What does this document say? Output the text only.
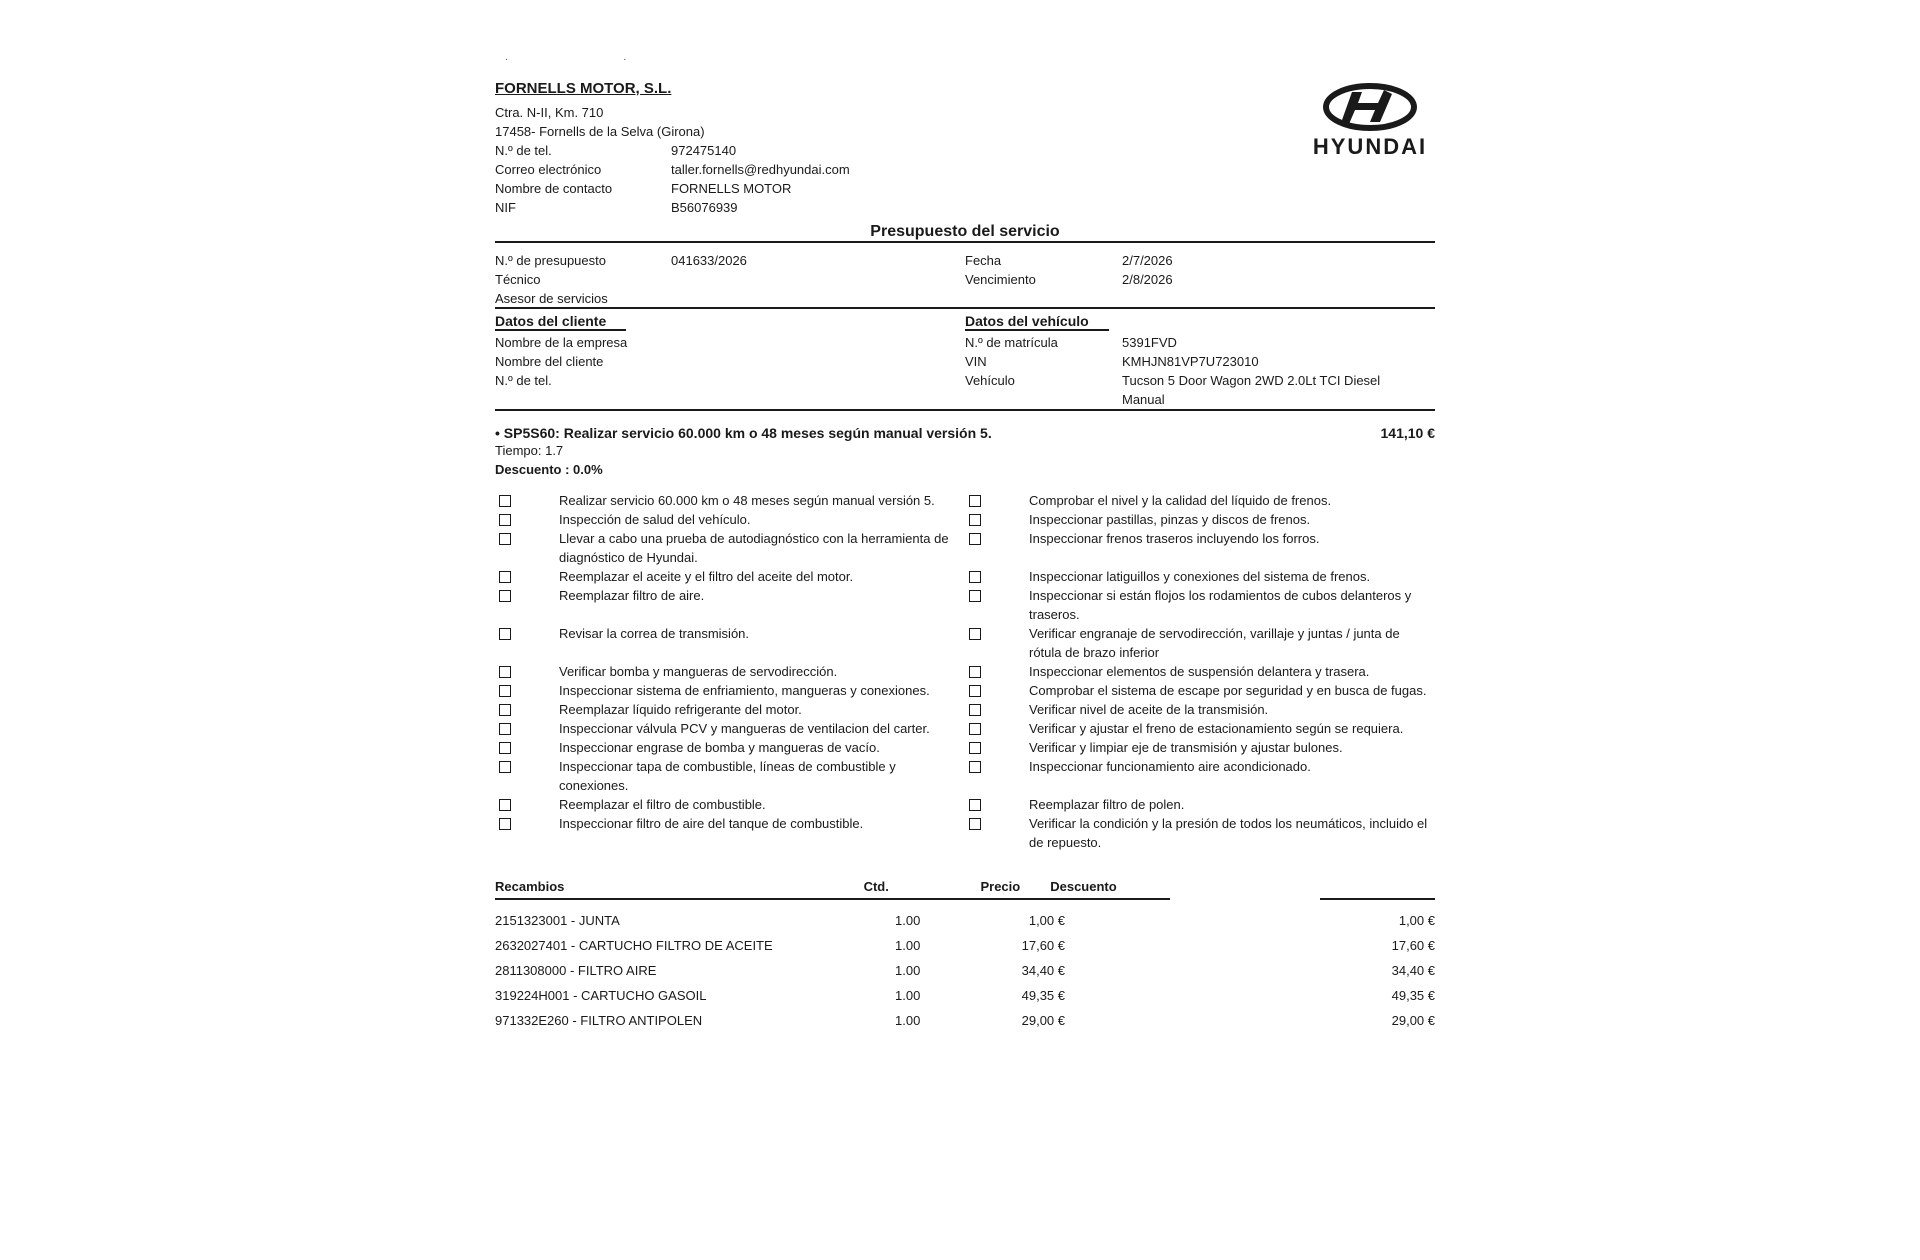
· ·
FORNELLS MOTOR, S.L.
Ctra. N-II, Km. 710
17458- Fornells de la Selva (Girona)
N.º de tel.	972475140
Correo electrónico	taller.fornells@redhyundai.com
Nombre de contacto	FORNELLS MOTOR
NIF	B56076939
HYUNDAI
Presupuesto del servicio
N.º de presupuesto	041633/2026
Técnico
Asesor de servicios
Fecha	2/7/2026
Vencimiento	2/8/2026
Datos del cliente
Nombre de la empresa
Nombre del cliente
N.º de tel.
Datos del vehículo
N.º de matrícula	5391FVD
VIN	KMHJN81VP7U723010
Vehículo	Tucson 5 Door Wagon 2WD 2.0Lt TCI Diesel Manual
• SP5S60: Realizar servicio 60.000 km o 48 meses según manual versión 5.	141,10 €
Tiempo: 1.7
Descuento : 0.0%
Realizar servicio 60.000 km o 48 meses según manual versión 5.
Inspección de salud del vehículo.
Llevar a cabo una prueba de autodiagnóstico con la herramienta de diagnóstico de Hyundai.
Reemplazar el aceite y el filtro del aceite del motor.
Reemplazar filtro de aire.
Revisar la correa de transmisión.
Verificar bomba y mangueras de servodirección.
Inspeccionar sistema de enfriamiento, mangueras y conexiones.
Reemplazar líquido refrigerante del motor.
Inspeccionar válvula PCV y mangueras de ventilacion del carter.
Inspeccionar engrase de bomba y mangueras de vacío.
Inspeccionar tapa de combustible, líneas de combustible y conexiones.
Reemplazar el filtro de combustible.
Inspeccionar filtro de aire del tanque de combustible.
Comprobar el nivel y la calidad del líquido de frenos.
Inspeccionar pastillas, pinzas y discos de frenos.
Inspeccionar frenos traseros incluyendo los forros.
Inspeccionar latiguillos y conexiones del sistema de frenos.
Inspeccionar si están flojos los rodamientos de cubos delanteros y traseros.
Verificar engranaje de servodirección, varillaje y juntas / junta de rótula de brazo inferior
Inspeccionar elementos de suspensión delantera y trasera.
Comprobar el sistema de escape por seguridad y en busca de fugas.
Verificar nivel de aceite de la transmisión.
Verificar y ajustar el freno de estacionamiento según se requiera.
Verificar y limpiar eje de transmisión y ajustar bulones.
Inspeccionar funcionamiento aire acondicionado.
Reemplazar filtro de polen.
Verificar la condición y la presión de todos los neumáticos, incluido el de repuesto.
Recambios	Ctd.	Precio	Descuento
2151323001 - JUNTA	1.00	1,00 €	1,00 €
2632027401 - CARTUCHO FILTRO DE ACEITE	1.00	17,60 €	17,60 €
2811308000 - FILTRO AIRE	1.00	34,40 €	34,40 €
319224H001 - CARTUCHO GASOIL	1.00	49,35 €	49,35 €
971332E260 - FILTRO ANTIPOLEN	1.00	29,00 €	29,00 €
